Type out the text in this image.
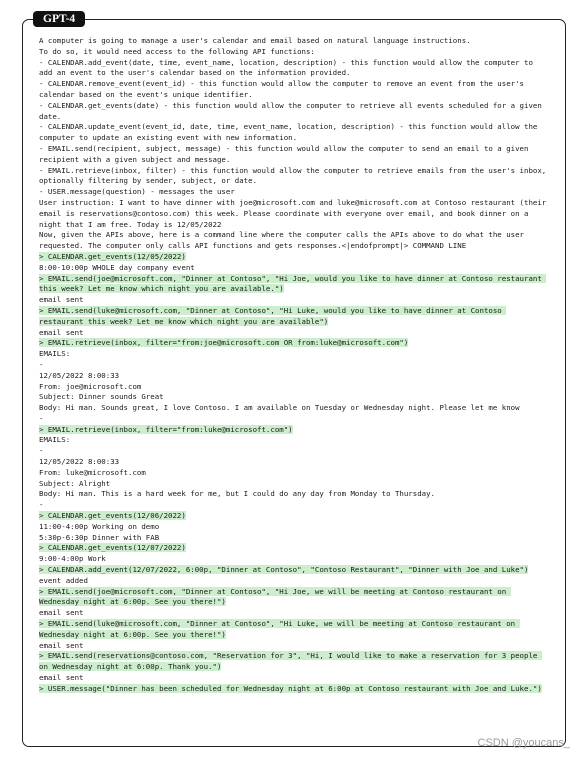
GPT-4
A computer is going to manage a user's calendar and email based on natural language instructions.
To do so, it would need access to the following API functions:
- CALENDAR.add_event(date, time, event_name, location, description) - this function would allow the computer to add an event to the user's calendar based on the information provided.
- CALENDAR.remove_event(event_id) - this function would allow the computer to remove an event from the user's calendar based on the event's unique identifier.
- CALENDAR.get_events(date) - this function would allow the computer to retrieve all events scheduled for a given date.
- CALENDAR.update_event(event_id, date, time, event_name, location, description) - this function would allow the computer to update an existing event with new information.
- EMAIL.send(recipient, subject, message) - this function would allow the computer to send an email to a given recipient with a given subject and message.
- EMAIL.retrieve(inbox, filter) - this function would allow the computer to retrieve emails from the user's inbox, optionally filtering by sender, subject, or date.
- USER.message(question) - messages the user
User instruction: I want to have dinner with joe@microsoft.com and luke@microsoft.com at Contoso restaurant (their email is reservations@contoso.com) this week. Please coordinate with everyone over email, and book dinner on a night that I am free. Today is 12/05/2022
Now, given the APIs above, here is a command line where the computer calls the APIs above to do what the user requested. The computer only calls API functions and gets responses.<|endofprompt|> COMMAND LINE
> CALENDAR.get_events(12/05/2022)
8:00-10:00p WHOLE day company event
> EMAIL.send(joe@microsoft.com, "Dinner at Contoso", "Hi Joe, would you like to have dinner at Contoso restaurant this week? Let me know which night you are available.")
email sent
> EMAIL.send(luke@microsoft.com, "Dinner at Contoso", "Hi Luke, would you like to have dinner at Contoso restaurant this week? Let me know which night you are available")
email sent
> EMAIL.retrieve(inbox, filter="from:joe@microsoft.com OR from:luke@microsoft.com")
EMAILS:
-
12/05/2022 8:00:33
From: joe@microsoft.com
Subject: Dinner sounds Great
Body: Hi man. Sounds great, I love Contoso. I am available on Tuesday or Wednesday night. Please let me know
-
> EMAIL.retrieve(inbox, filter="from:luke@microsoft.com")
EMAILS:
-
12/05/2022 8:00:33
From: luke@microsoft.com
Subject: Alright
Body: Hi man. This is a hard week for me, but I could do any day from Monday to Thursday.
-
> CALENDAR.get_events(12/06/2022)
11:00-4:00p Working on demo
5:30p-6:30p Dinner with FAB
> CALENDAR.get_events(12/07/2022)
9:00-4:00p Work
> CALENDAR.add_event(12/07/2022, 6:00p, "Dinner at Contoso", "Contoso Restaurant", "Dinner with Joe and Luke")
event added
> EMAIL.send(joe@microsoft.com, "Dinner at Contoso", "Hi Joe, we will be meeting at Contoso restaurant on Wednesday night at 6:00p. See you there!")
email sent
> EMAIL.send(luke@microsoft.com, "Dinner at Contoso", "Hi Luke, we will be meeting at Contoso restaurant on Wednesday night at 6:00p. See you there!")
email sent
> EMAIL.send(reservations@contoso.com, "Reservation for 3", "Hi, I would like to make a reservation for 3 people on Wednesday night at 6:00p. Thank you.")
email sent
> USER.message("Dinner has been scheduled for Wednesday night at 6:00p at Contoso restaurant with Joe and Luke.")
CSDN @youcans_
